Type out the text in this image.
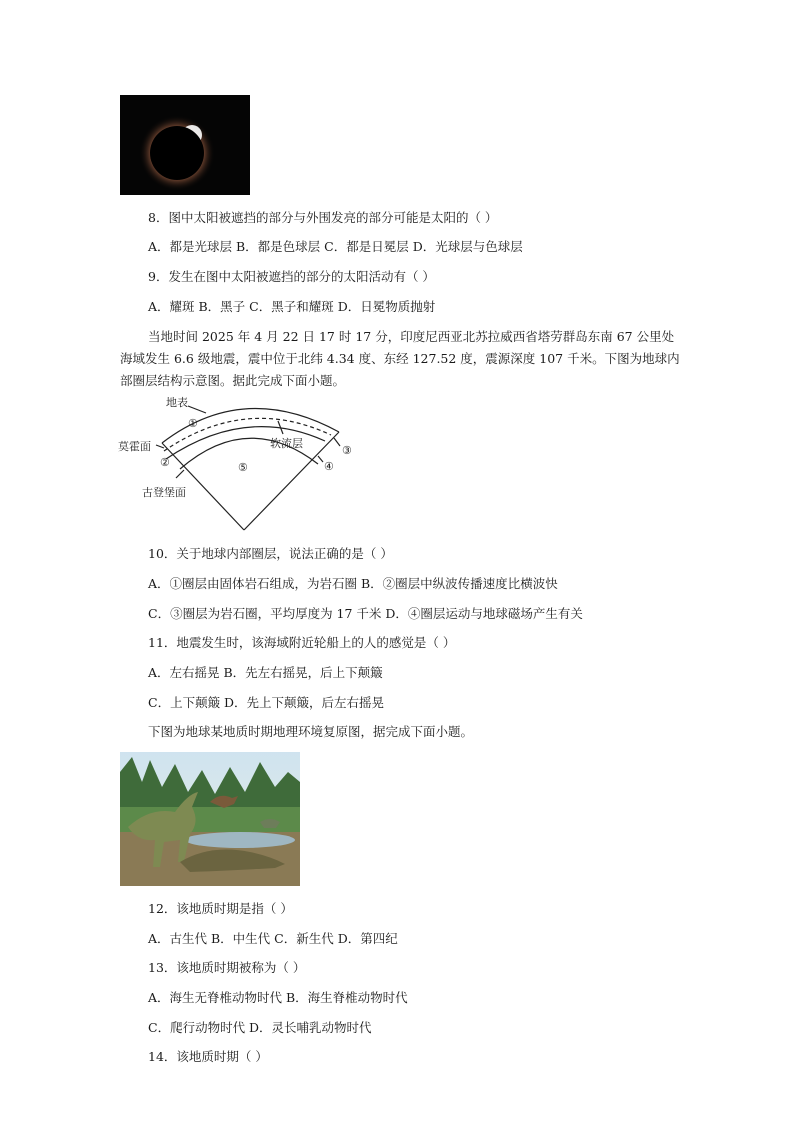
8．图中太阳被遮挡的部分与外围发亮的部分可能是太阳的（ ）
A．都是光球层 B．都是色球层 C．都是日冕层 D．光球层与色球层
9．发生在图中太阳被遮挡的部分的太阳活动有（ ）
A．耀斑 B．黑子 C．黑子和耀斑 D．日冕物质抛射
当地时间 2025 年 4 月 22 日 17 时 17 分，印度尼西亚北苏拉威西省塔劳群岛东南 67 公里处海域发生 6.6 级地震，震中位于北纬 4.34 度、东经 127.52 度，震源深度 107 千米。下图为地球内部圈层结构示意图。据此完成下面小题。
地表
莫霍面
古登堡面
软流层
①
②
③
④
⑤
10．关于地球内部圈层，说法正确的是（ ）
A．①圈层由固体岩石组成，为岩石圈 B．②圈层中纵波传播速度比横波快
C．③圈层为岩石圈，平均厚度为 17 千米 D．④圈层运动与地球磁场产生有关
11．地震发生时，该海域附近轮船上的人的感觉是（ ）
A．左右摇晃 B．先左右摇晃，后上下颠簸
C．上下颠簸 D．先上下颠簸，后左右摇晃
下图为地球某地质时期地理环境复原图，据完成下面小题。
12．该地质时期是指（ ）
A．古生代 B．中生代 C．新生代 D．第四纪
13．该地质时期被称为（ ）
A．海生无脊椎动物时代 B．海生脊椎动物时代
C．爬行动物时代 D．灵长哺乳动物时代
14．该地质时期（ ）
